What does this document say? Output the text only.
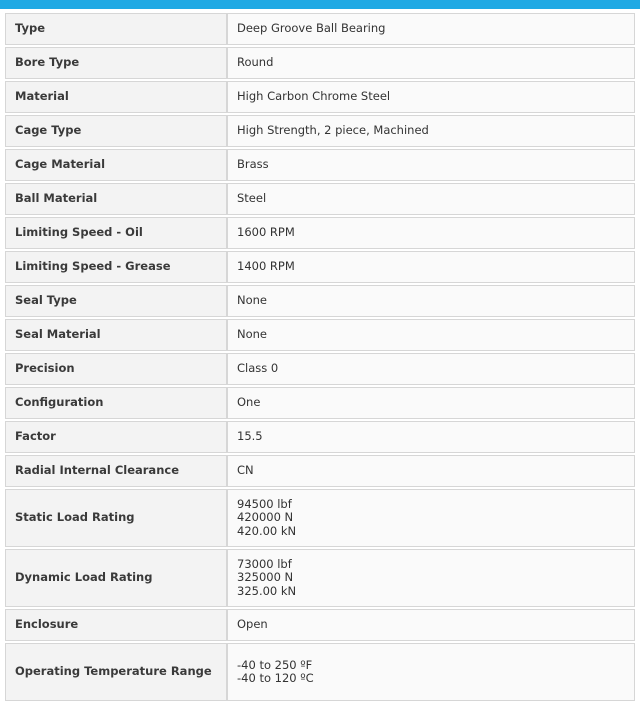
Type	Deep Groove Ball Bearing

Bore Type	Round

Material	High Carbon Chrome Steel

Cage Type	High Strength, 2 piece, Machined

Cage Material	Brass

Ball Material	Steel

Limiting Speed - Oil	1600 RPM

Limiting Speed - Grease	1400 RPM

Seal Type	None

Seal Material	None

Precision	Class 0

Configuration	One

Factor	15.5

Radial Internal Clearance	CN

Static Load Rating	94500 lbf
420000 N
420.00 kN

Dynamic Load Rating	73000 lbf
325000 N
325.00 kN

Enclosure	Open

Operating Temperature Range	-40 to 250 ºF
-40 to 120 ºC
